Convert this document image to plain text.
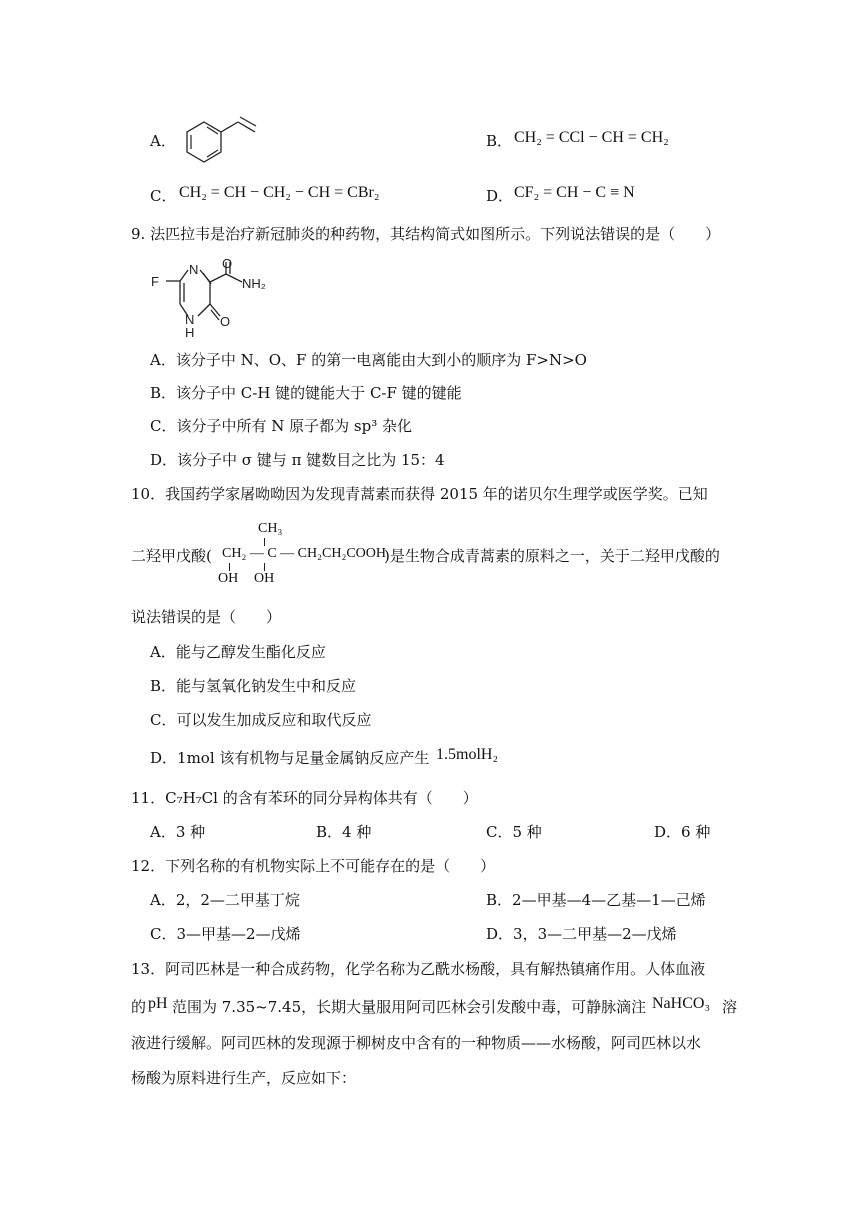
A．	B． CH₂ = CCl − CH = CH₂
C． CH₂ = CH − CH₂ − CH = CBr₂	D． CF₂ = CH − C ≡ N
9. 法匹拉韦是治疗新冠肺炎的种药物，其结构简式如图所示。下列说法错误的是（　　）
F
N
N
H
O
NH₂
O
A．该分子中 N、O、F 的第一电离能由大到小的顺序为 F>N>O
B．该分子中 C-H 键的键能大于 C-F 键的键能
C．该分子中所有 N 原子都为 sp³ 杂化
D．该分子中 σ 键与 π 键数目之比为 15：4
10．我国药学家屠呦呦因为发现青蒿素而获得 2015 年的诺贝尔生理学或医学奖。已知
二羟甲戊酸(
CH₃
CH₂ — C — CH₂CH₂COOH
OH OH
)是生物合成青蒿素的原料之一，关于二羟甲戊酸的
说法错误的是（　　）
A．能与乙醇发生酯化反应
B．能与氢氧化钠发生中和反应
C．可以发生加成反应和取代反应
D．1mol 该有机物与足量金属钠反应产生 1.5molH₂
11．C₇H₇Cl 的含有苯环的同分异构体共有（　　）
A．3 种	B．4 种	C．5 种	D．6 种
12．下列名称的有机物实际上不可能存在的是（　　）
A．2，2—二甲基丁烷	B．2—甲基—4—乙基—1—己烯
C．3—甲基—2—戊烯	D．3，3—二甲基—2—戊烯
13．阿司匹林是一种合成药物，化学名称为乙酰水杨酸，具有解热镇痛作用。人体血液
的 pH 范围为 7.35~7.45，长期大量服用阿司匹林会引发酸中毒，可静脉滴注 NaHCO₃ 溶
液进行缓解。阿司匹林的发现源于柳树皮中含有的一种物质——水杨酸，阿司匹林以水
杨酸为原料进行生产，反应如下：
